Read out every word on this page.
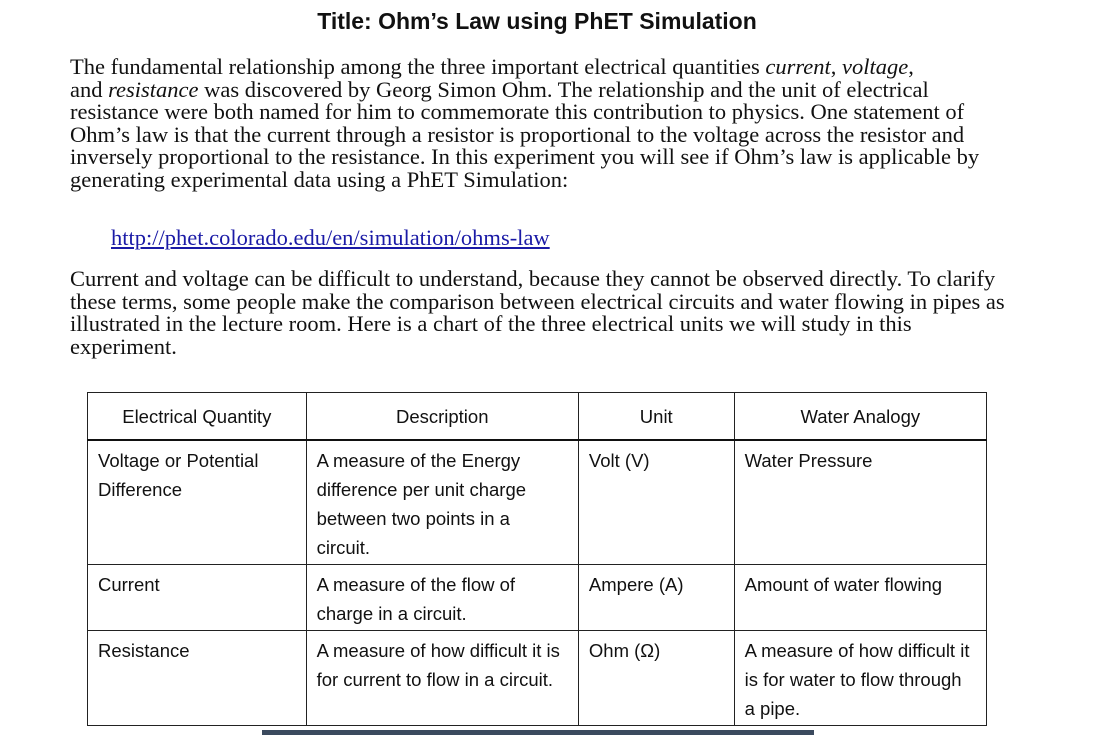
Title: Ohm’s Law using PhET Simulation

The fundamental relationship among the three important electrical quantities current, voltage,
and resistance was discovered by Georg Simon Ohm. The relationship and the unit of electrical resistance were both named for him to commemorate this contribution to physics. One statement of Ohm’s law is that the current through a resistor is proportional to the voltage across the resistor and inversely proportional to the resistance. In this experiment you will see if Ohm’s law is applicable by generating experimental data using a PhET Simulation:

http://phet.colorado.edu/en/simulation/ohms-law

Current and voltage can be difficult to understand, because they cannot be observed directly. To clarify these terms, some people make the comparison between electrical circuits and water flowing in pipes as illustrated in the lecture room. Here is a chart of the three electrical units we will study in this experiment.

Electrical Quantity	Description	Unit	Water Analogy
Voltage or Potential Difference	A measure of the Energy difference per unit charge between two points in a circuit.	Volt (V)	Water Pressure
Current	A measure of the flow of charge in a circuit.	Ampere (A)	Amount of water flowing
Resistance	A measure of how difficult it is for current to flow in a circuit.	Ohm (Ω)	A measure of how difficult it is for water to flow through a pipe.
